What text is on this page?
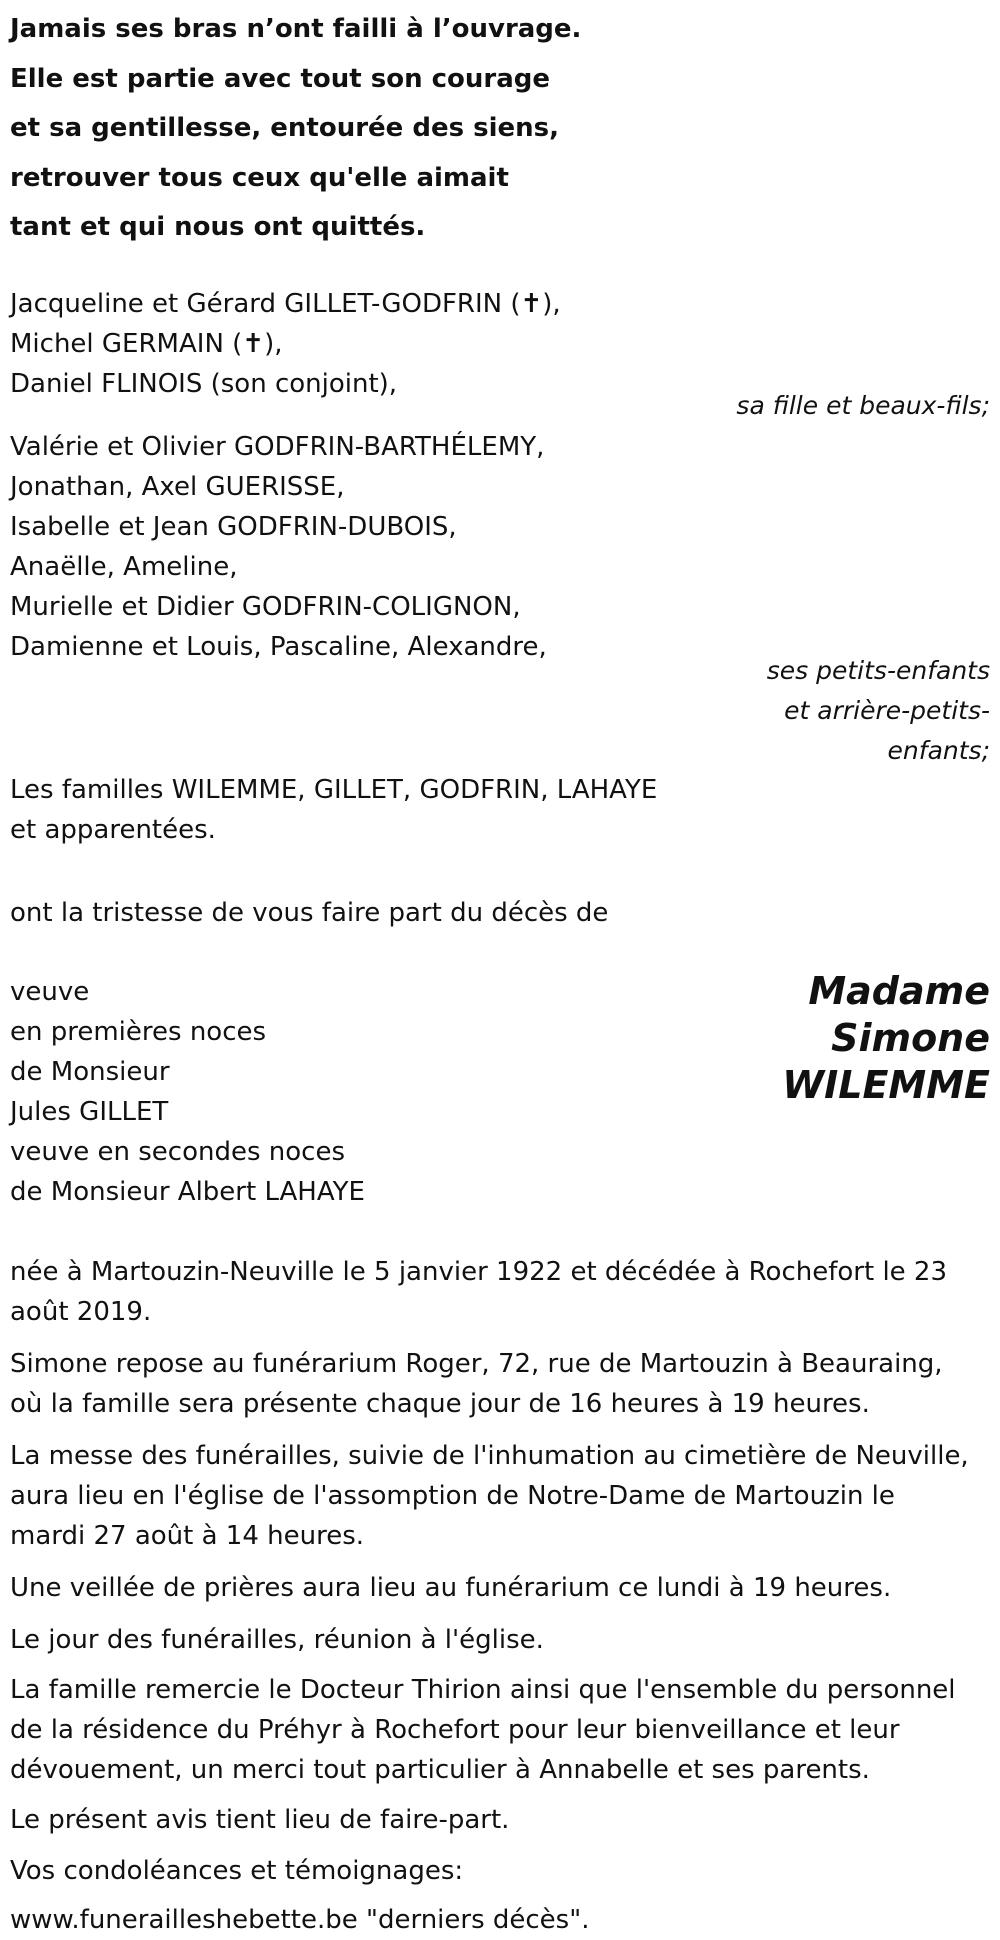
Jamais ses bras n’ont failli à l’ouvrage.
Elle est partie avec tout son courage
et sa gentillesse, entourée des siens,
retrouver tous ceux qu'elle aimait
tant et qui nous ont quittés.
Jacqueline et Gérard GILLET-GODFRIN (✝),
Michel GERMAIN (✝),
Daniel FLINOIS (son conjoint),
sa fille et beaux-fils;
Valérie et Olivier GODFRIN-BARTHÉLEMY,
Jonathan, Axel GUERISSE,
Isabelle et Jean GODFRIN-DUBOIS,
Anaëlle, Ameline,
Murielle et Didier GODFRIN-COLIGNON,
Damienne et Louis, Pascaline, Alexandre,
ses petits-enfants
et arrière-petits-
enfants;
Les familles WILEMME, GILLET, GODFRIN, LAHAYE
et apparentées.
ont la tristesse de vous faire part du décès de
veuve
en premières noces
de Monsieur
Jules GILLET
veuve en secondes noces
de Monsieur Albert LAHAYE
Madame
Simone
WILEMME
née à Martouzin-Neuville le 5 janvier 1922 et décédée à Rochefort le 23
août 2019.
Simone repose au funérarium Roger, 72, rue de Martouzin à Beauraing,
où la famille sera présente chaque jour de 16 heures à 19 heures.
La messe des funérailles, suivie de l'inhumation au cimetière de Neuville,
aura lieu en l'église de l'assomption de Notre-Dame de Martouzin le
mardi 27 août à 14 heures.
Une veillée de prières aura lieu au funérarium ce lundi à 19 heures.
Le jour des funérailles, réunion à l'église.
La famille remercie le Docteur Thirion ainsi que l'ensemble du personnel
de la résidence du Préhyr à Rochefort pour leur bienveillance et leur
dévouement, un merci tout particulier à Annabelle et ses parents.
Le présent avis tient lieu de faire-part.
Vos condoléances et témoignages:
www.funerailleshebette.be "derniers décès".
